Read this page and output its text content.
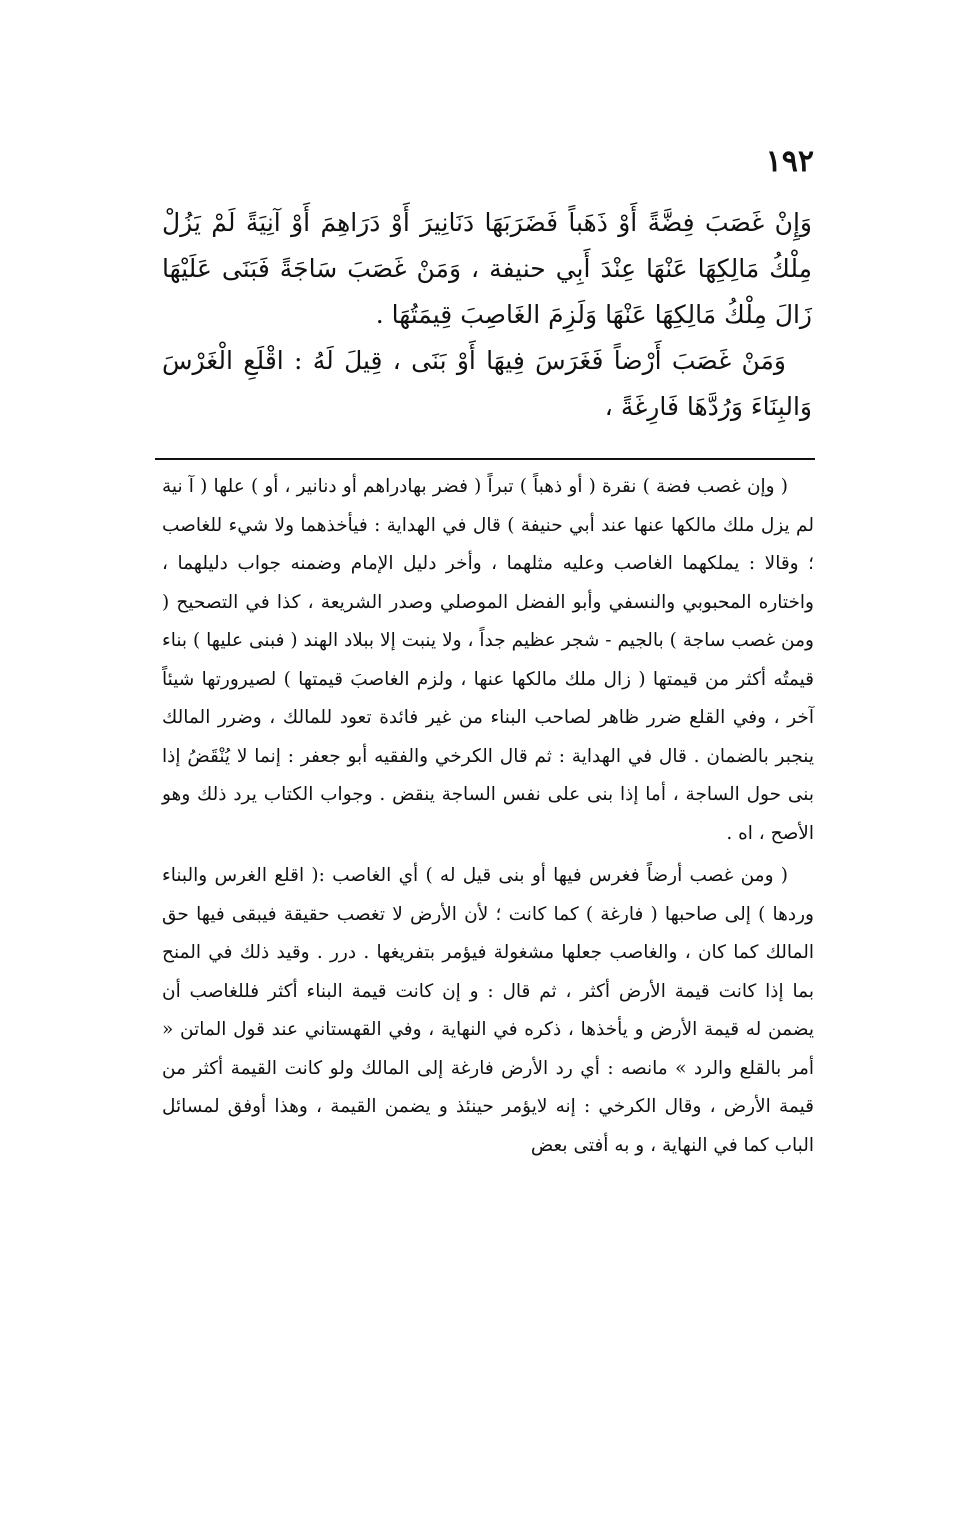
١٩٢

وَإِنْ غَصَبَ فِضَّةً أَوْ ذَهَباً فَضَرَبَهَا دَنَانِيرَ أَوْ دَرَاهِمَ أَوْ آنِيَةً لَمْ يَزُلْ مِلْكُ مَالِكِهَا عَنْهَا عِنْدَ أَبِي حنيفة ، وَمَنْ غَصَبَ سَاجَةً فَبَنَى عَلَيْهَا زَالَ مِلْكُ مَالِكِهَا عَنْهَا وَلَزِمَ الغَاصِبَ قِيمَتُهَا .

وَمَنْ غَصَبَ أَرْضاً فَغَرَسَ فِيهَا أَوْ بَنَى ، قِيلَ لَهُ : اقْلَعِ الْغَرْسَ وَالبِنَاءَ وَرُدَّهَا فَارِغَةً ،

( وإن غصب فضة ) نقرة ( أو ذهباً ) تبراً ( فضر بهادراهم أو دنانير ، أو ) علها ( آ نية لم يزل ملك مالكها عنها عند أبي حنيفة ) قال في الهداية : فيأخذهما ولا شيء للغاصب ؛ وقالا : يملكهما الغاصب وعليه مثلهما ، وأخر دليل الإمام وضمنه جواب دليلهما ، واختاره المحبوبي والنسفي وأبو الفضل الموصلي وصدر الشريعة ، كذا في التصحيح ( ومن غصب ساجة ) بالجيم - شجر عظيم جداً ، ولا ينبت إلا ببلاد الهند ( فبنى عليها ) بناء قيمتُه أكثر من قيمتها ( زال ملك مالكها عنها ، ولزم الغاصبَ قيمتها ) لصيرورتها شيئاً آخر ، وفي القلع ضرر ظاهر لصاحب البناء من غير فائدة تعود للمالك ، وضرر المالك ينجبر بالضمان . قال في الهداية : ثم قال الكرخي والفقيه أبو جعفر : إنما لا يُنْقَضُ إذا بنى حول الساجة ، أما إذا بنى على نفس الساجة ينقض . وجواب الكتاب يرد ذلك وهو الأصح ، اه .

( ومن غصب أرضاً فغرس فيها أو بنى قيل له ) أي الغاصب :( اقلع الغرس والبناء وردها ) إلى صاحبها ( فارغة ) كما كانت ؛ لأن الأرض لا تغصب حقيقة فيبقى فيها حق المالك كما كان ، والغاصب جعلها مشغولة فيؤمر بتفريغها . درر . وقيد ذلك في المنح بما إذا كانت قيمة الأرض أكثر ، ثم قال : و إن كانت قيمة البناء أكثر فللغاصب أن يضمن له قيمة الأرض و يأخذها ، ذكره في النهاية ، وفي القهستاني عند قول الماتن « أمر بالقلع والرد » مانصه : أي رد الأرض فارغة إلى المالك ولو كانت القيمة أكثر من قيمة الأرض ، وقال الكرخي : إنه لايؤمر حينئذ و يضمن القيمة ، وهذا أوفق لمسائل الباب كما في النهاية ، و به أفتى بعض
